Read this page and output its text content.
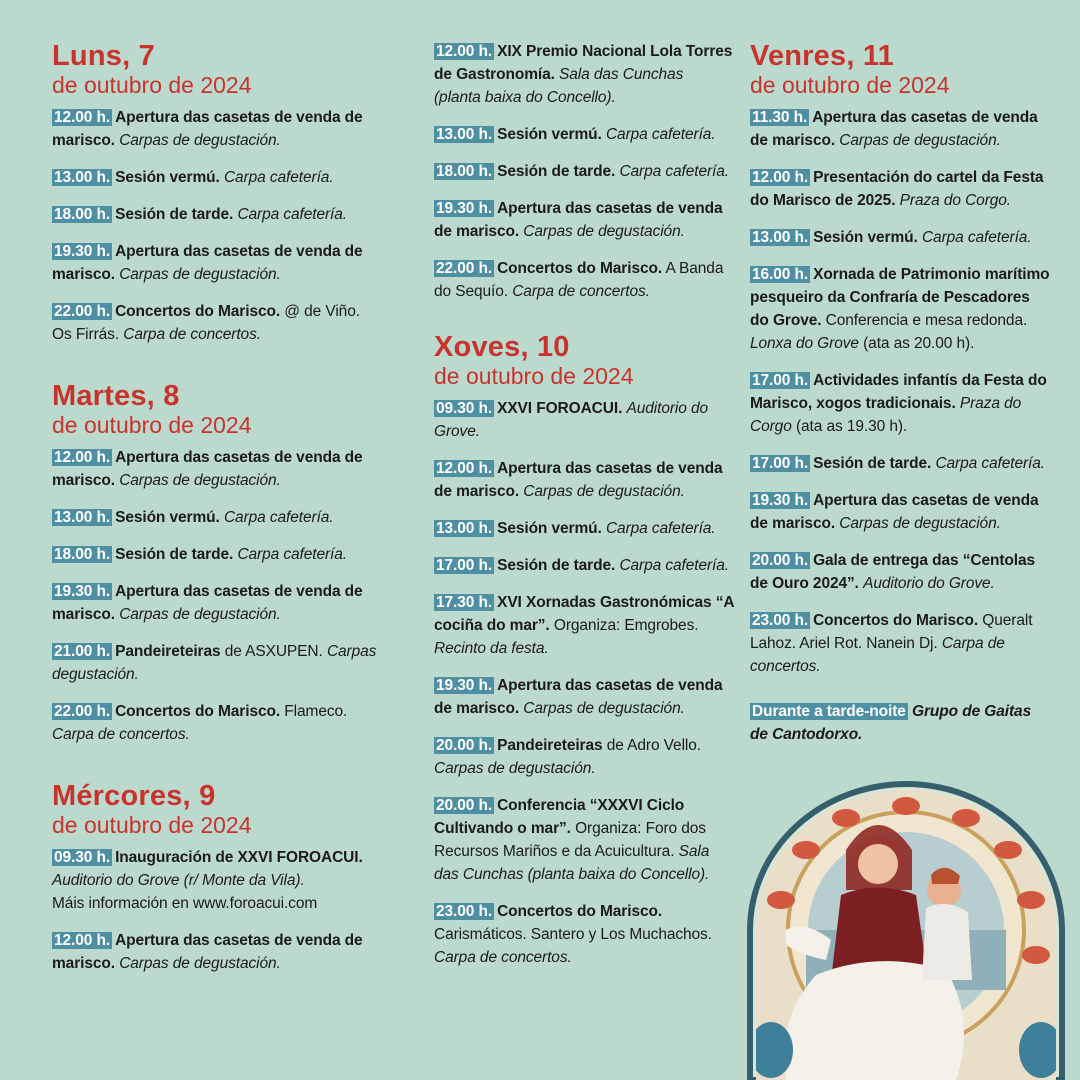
Luns, 7
de outubro de 2024
12.00 h. Apertura das casetas de venda de marisco. Carpas de degustación.
13.00 h. Sesión vermú. Carpa cafetería.
18.00 h. Sesión de tarde. Carpa cafetería.
19.30 h. Apertura das casetas de venda de marisco. Carpas de degustación.
22.00 h. Concertos do Marisco. @ de Viño. Os Firrás. Carpa de concertos.
Martes, 8
de outubro de 2024
12.00 h. Apertura das casetas de venda de marisco. Carpas de degustación.
13.00 h. Sesión vermú. Carpa cafetería.
18.00 h. Sesión de tarde. Carpa cafetería.
19.30 h. Apertura das casetas de venda de marisco. Carpas de degustación.
21.00 h. Pandeireteiras de ASXUPEN. Carpas degustación.
22.00 h. Concertos do Marisco. Flameco. Carpa de concertos.
Mércores, 9
de outubro de 2024
09.30 h. Inauguración de XXVI FOROACUI. Auditorio do Grove (r/ Monte da Vila).
Máis información en www.foroacui.com
12.00 h. Apertura das casetas de venda de marisco. Carpas de degustación.
12.00 h. XIX Premio Nacional Lola Torres de Gastronomía. Sala das Cunchas (planta baixa do Concello).
13.00 h. Sesión vermú. Carpa cafetería.
18.00 h. Sesión de tarde. Carpa cafetería.
19.30 h. Apertura das casetas de venda de marisco. Carpas de degustación.
22.00 h. Concertos do Marisco. A Banda do Sequío. Carpa de concertos.
Xoves, 10
de outubro de 2024
09.30 h. XXVI FOROACUI. Auditorio do Grove.
12.00 h. Apertura das casetas de venda de marisco. Carpas de degustación.
13.00 h. Sesión vermú. Carpa cafetería.
17.00 h. Sesión de tarde. Carpa cafetería.
17.30 h. XVI Xornadas Gastronómicas “A cociña do mar”. Organiza: Emgrobes. Recinto da festa.
19.30 h. Apertura das casetas de venda de marisco. Carpas de degustación.
20.00 h. Pandeireteiras de Adro Vello. Carpas de degustación.
20.00 h. Conferencia “XXXVI Ciclo Cultivando o mar”. Organiza: Foro dos Recursos Mariños e da Acuicultura. Sala das Cunchas (planta baixa do Concello).
23.00 h. Concertos do Marisco. Carismáticos. Santero y Los Muchachos. Carpa de concertos.
Venres, 11
de outubro de 2024
11.30 h. Apertura das casetas de venda de marisco. Carpas de degustación.
12.00 h. Presentación do cartel da Festa do Marisco de 2025. Praza do Corgo.
13.00 h. Sesión vermú. Carpa cafetería.
16.00 h. Xornada de Patrimonio marítimo pesqueiro da Confraría de Pescadores do Grove. Conferencia e mesa redonda. Lonxa do Grove (ata as 20.00 h).
17.00 h. Actividades infantís da Festa do Marisco, xogos tradicionais. Praza do Corgo (ata as 19.30 h).
17.00 h. Sesión de tarde. Carpa cafetería.
19.30 h. Apertura das casetas de venda de marisco. Carpas de degustación.
20.00 h. Gala de entrega das “Centolas de Ouro 2024”. Auditorio do Grove.
23.00 h. Concertos do Marisco. Queralt Lahoz. Ariel Rot. Nanein Dj. Carpa de concertos.
Durante a tarde-noite Grupo de Gaitas de Cantodorxo.
